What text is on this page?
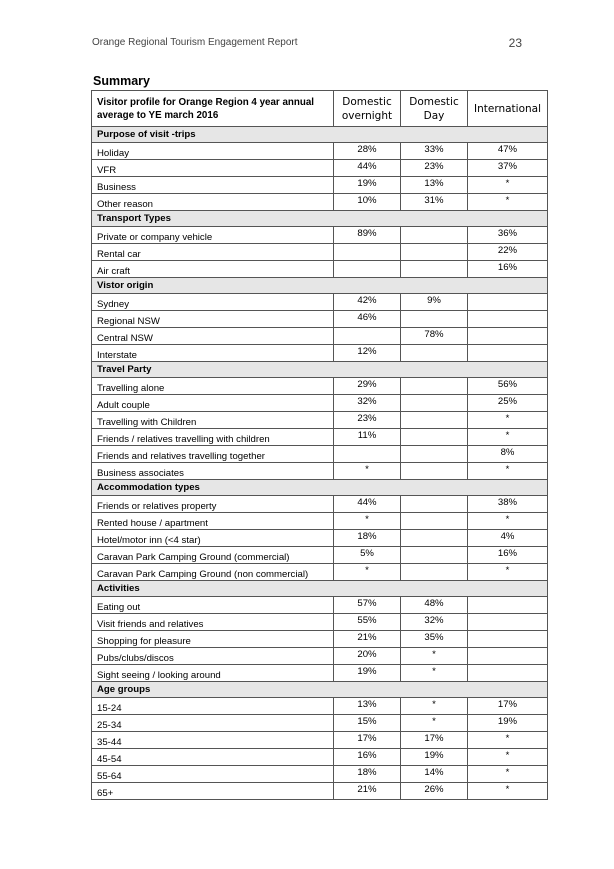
Orange Regional Tourism Engagement Report	23
Summary
Visitor profile for Orange Region 4 year annual average to YE march 2016	Domestic overnight	Domestic Day	International
Purpose of visit -trips			
Holiday	28%	33%	47%
VFR	44%	23%	37%
Business	19%	13%	*
Other reason	10%	31%	*
Transport Types			
Private or company vehicle	89%		36%
Rental car			22%
Air craft			16%
Vistor origin			
Sydney	42%	9%	
Regional NSW	46%		
Central NSW		78%	
Interstate	12%		
Travel Party			
Travelling alone	29%		56%
Adult couple	32%		25%
Travelling with Children	23%		*
Friends / relatives travelling with children	11%		*
Friends and relatives travelling together			8%
Business associates	*		*
Accommodation types			
Friends or relatives property	44%		38%
Rented house / apartment	*		*
Hotel/motor inn (<4 star)	18%		4%
Caravan Park Camping Ground (commercial)	5%		16%
Caravan Park Camping Ground (non commercial)	*		*
Activities			
Eating out	57%	48%	
Visit friends and relatives	55%	32%	
Shopping for pleasure	21%	35%	
Pubs/clubs/discos	20%	*	
Sight seeing / looking around	19%	*	
Age groups			
15-24	13%	*	17%
25-34	15%	*	19%
35-44	17%	17%	*
45-54	16%	19%	*
55-64	18%	14%	*
65+	21%	26%	*
